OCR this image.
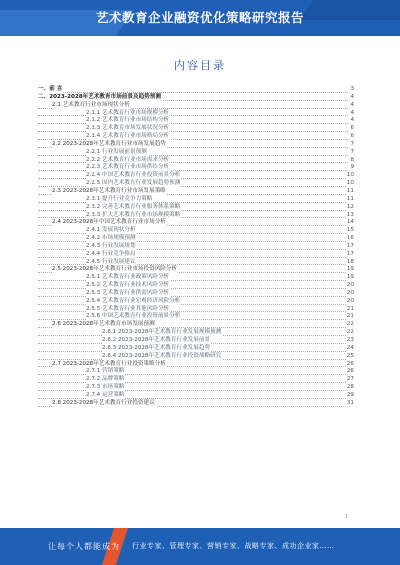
艺术教育企业融资优化策略研究报告
内容目录
一、前 言	3
二、2023-2028年艺术教育市场前景及趋势预测	4
2.1 艺术教育行业市场现状分析	4
2.1.1 艺术教育行业市场规模分析	4
2.1.2 艺术教育行业市场结构分析	4
2.1.3 艺术教育市场发展状况分析	6
2.1.4 艺术教育行业市场格局分析	6
2.2 2023-2028年艺术教育行业市场发展趋势	7
2.2.1 行业发展前景预测	7
2.2.2 艺术教育行业市场需求分析	8
2.2.3 艺术教育行业市场供给分析	9
2.2.4 中国艺术教育行业投资前景分析	10
2.2.5 国内艺术教育行业发展趋势预测	10
2.3 2023-2028年艺术教育行业市场发展策略	11
2.3.1 提升行业竞争力策略	11
2.3.2 完善艺术教育行业服务体系策略	12
2.3.3 扩大艺术教育行业市场规模策略	13
2.4 2023-2028年中国艺术教育行业市场分析	14
2.4.1 发展现状分析	15
2.4.2 市场规模预测	16
2.4.3 行业发展规划	17
2.4.4 行业竞争格局	17
2.4.5 行业发展建议	18
2.5 2023-2028年艺术教育行业市场投资风险分析	19
2.5.1 艺术教育行业政策风险分析	19
2.5.2 艺术教育行业技术风险分析	20
2.5.3 艺术教育行业供需风险分析	20
2.5.4 艺术教育行业宏观经济风险分析	20
2.5.5 艺术教育行业其他风险分析	21
2.5.6 中国艺术教育行业投资前景分析	21
2.6 2023-2028年艺术教育市场发展预测	22
2.6.1 2023-2028年艺术教育行业发展规模预测	22
2.6.2 2023-2028年艺术教育行业发展前景	23
2.6.3 2023-2028年艺术教育行业发展趋势	24
2.6.4 2023-2028年艺术教育行业投资战略研究	25
2.7 2023-2028年艺术教育行业投资策略分析	26
2.7.1 营销策略	26
2.7.2 品牌策略	27
2.7.3 市场策略	28
2.7.4 运营策略	29
2.8 2023-2028年艺术教育行业投资建议	31
1
让每个人都能成为 行业专家、管理专家、营销专家、战略专家、成功企业家……
